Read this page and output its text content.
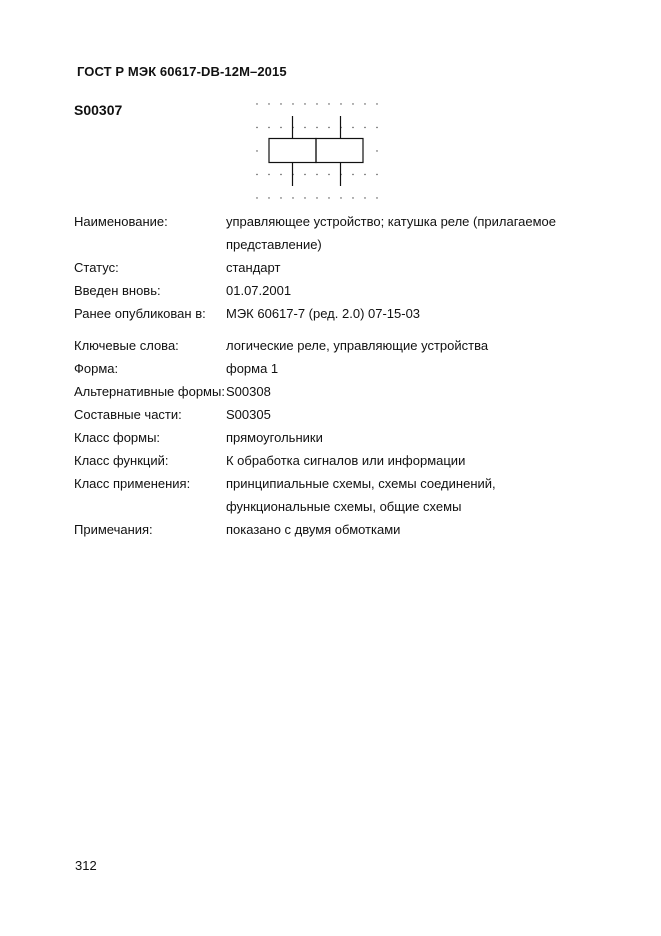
ГОСТ Р МЭК 60617-DB-12M–2015
S00307
Наименование:	управляющее устройство; катушка реле (прилагаемое представление)
Статус:	стандарт
Введен вновь:	01.07.2001
Ранее опубликован в:	МЭК 60617-7 (ред. 2.0) 07-15-03
Ключевые слова:	логические реле, управляющие устройства
Форма:	форма 1
Альтернативные формы: S00308
Составные части:	S00305
Класс формы:	прямоугольники
Класс функций:	К обработка сигналов или информации
Класс применения:	принципиальные схемы, схемы соединений, функциональные схемы, общие схемы
Примечания:	показано с двумя обмотками
312
